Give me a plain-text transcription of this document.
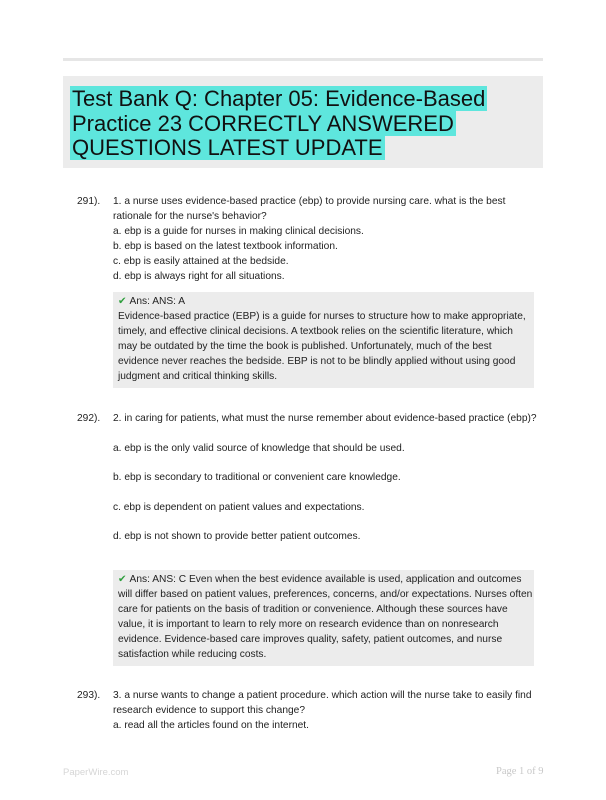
Test Bank Q: Chapter 05: Evidence-Based Practice 23 CORRECTLY ANSWERED QUESTIONS LATEST UPDATE
291). 1. a nurse uses evidence-based practice (ebp) to provide nursing care. what is the best rationale for the nurse's behavior?

a. ebp is a guide for nurses in making clinical decisions.

b. ebp is based on the latest textbook information.

c. ebp is easily attained at the bedside.

d. ebp is always right for all situations.

✔ Ans: ANS: A

Evidence-based practice (EBP) is a guide for nurses to structure how to make appropriate, timely, and effective clinical decisions. A textbook relies on the scientific literature, which may be outdated by the time the book is published. Unfortunately, much of the best evidence never reaches the bedside. EBP is not to be blindly applied without using good judgment and critical thinking skills.

292). 2. in caring for patients, what must the nurse remember about evidence-based practice (ebp)?

a. ebp is the only valid source of knowledge that should be used.

b. ebp is secondary to traditional or convenient care knowledge.

c. ebp is dependent on patient values and expectations.

d. ebp is not shown to provide better patient outcomes.

✔ Ans: ANS: C Even when the best evidence available is used, application and outcomes will differ based on patient values, preferences, concerns, and/or expectations. Nurses often care for patients on the basis of tradition or convenience. Although these sources have value, it is important to learn to rely more on research evidence than on nonresearch evidence. Evidence-based care improves quality, safety, patient outcomes, and nurse satisfaction while reducing costs.

293). 3. a nurse wants to change a patient procedure. which action will the nurse take to easily find research evidence to support this change?

a. read all the articles found on the internet.

PaperWire.com	Page 1 of 9
